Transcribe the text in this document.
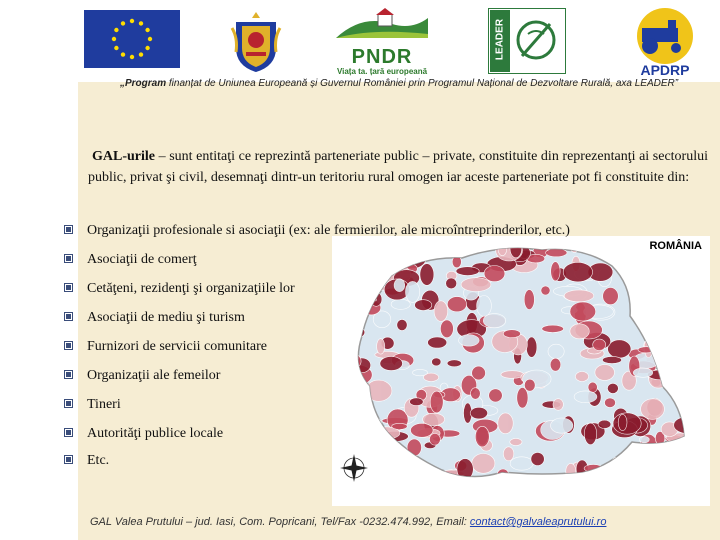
PNDR
Viața ta. țară europeană
LEADER
APDRP
„Program finanțat de Uniunea Europeană și Guvernul României prin Programul Național de Dezvoltare Rurală, axa LEADER”
GAL-urile – sunt entitaţi ce reprezintă parteneriate public – private, constituite din reprezentanţi ai sectorului public, privat şi civil, desemnaţi dintr-un teritoriu rural omogen iar aceste parteneriate pot fi constituite din:
ROMÂNIA
Organizaţii profesionale si asociaţii (ex: ale fermierilor, ale microîntreprinderilor, etc.)
Asociaţii de comerţ
Cetăţeni, rezidenţi şi organizaţiile lor
Asociaţii de mediu şi turism
Furnizori de servicii comunitare
Organizaţii ale femeilor
Tineri
Autorităţi publice locale
Etc.
GAL Valea Prutului – jud. Iasi, Com. Popricani, Tel/Fax -0232.474.992, Email: contact@galvaleaprutului.ro
